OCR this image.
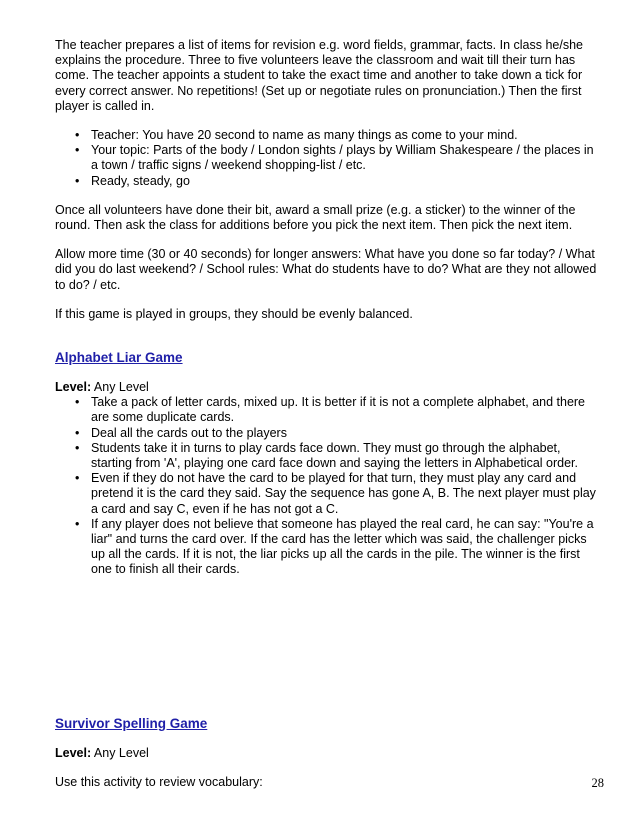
The teacher prepares a list of items for revision e.g. word fields, grammar, facts. In class he/she explains the procedure. Three to five volunteers leave the classroom and wait till their turn has come. The teacher appoints a student to take the exact time and another to take down a tick for every correct answer. No repetitions! (Set up or negotiate rules on pronunciation.) Then the first player is called in.

• Teacher: You have 20 second to name as many things as come to your mind.
• Your topic: Parts of the body / London sights / plays by William Shakespeare / the places in a town / traffic signs / weekend shopping-list / etc.
• Ready, steady, go

Once all volunteers have done their bit, award a small prize (e.g. a sticker) to the winner of the round. Then ask the class for additions before you pick the next item. Then pick the next item.

Allow more time (30 or 40 seconds) for longer answers: What have you done so far today? / What did you do last weekend? / School rules: What do students have to do? What are they not allowed to do? / etc.

If this game is played in groups, they should be evenly balanced.

Alphabet Liar Game
Level: Any Level
• Take a pack of letter cards, mixed up. It is better if it is not a complete alphabet, and there are some duplicate cards.
• Deal all the cards out to the players
• Students take it in turns to play cards face down. They must go through the alphabet, starting from 'A', playing one card face down and saying the letters in Alphabetical order.
• Even if they do not have the card to be played for that turn, they must play any card and pretend it is the card they said. Say the sequence has gone A, B. The next player must play a card and say C, even if he has not got a C.
• If any player does not believe that someone has played the real card, he can say: "You're a liar" and turns the card over. If the card has the letter which was said, the challenger picks up all the cards. If it is not, the liar picks up all the cards in the pile. The winner is the first one to finish all their cards.
Survivor Spelling Game

Level: Any Level

Use this activity to review vocabulary:	28
